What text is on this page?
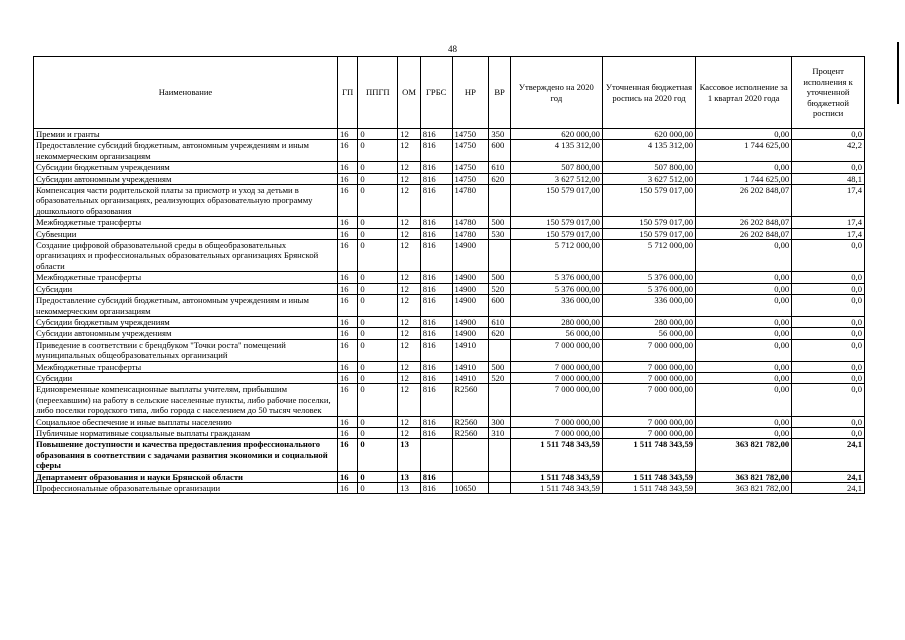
48
Наименование	ГП	ППГП	ОМ	ГРБС	НР	ВР	Утверждено на 2020 год	Уточненная бюджетная роспись на 2020 год	Кассовое исполнение за 1 квартал 2020 года	Процент исполнения к уточненной бюджетной росписи
Премии и гранты	16	0	12	816	14750	350	620 000,00	620 000,00	0,00	0,0
Предоставление субсидий бюджетным, автономным учреждениям и иным некоммерческим организациям	16	0	12	816	14750	600	4 135 312,00	4 135 312,00	1 744 625,00	42,2
Субсидии бюджетным учреждениям	16	0	12	816	14750	610	507 800,00	507 800,00	0,00	0,0
Субсидии автономным учреждениям	16	0	12	816	14750	620	3 627 512,00	3 627 512,00	1 744 625,00	48,1
Компенсация части родительской платы за присмотр и уход за детьми в образовательных организациях, реализующих образовательную программу дошкольного образования	16	0	12	816	14780		150 579 017,00	150 579 017,00	26 202 848,07	17,4
Межбюджетные трансферты	16	0	12	816	14780	500	150 579 017,00	150 579 017,00	26 202 848,07	17,4
Субвенции	16	0	12	816	14780	530	150 579 017,00	150 579 017,00	26 202 848,07	17,4
Создание цифровой образовательной среды в общеобразовательных организациях и профессиональных образовательных организациях Брянской области	16	0	12	816	14900		5 712 000,00	5 712 000,00	0,00	0,0
Межбюджетные трансферты	16	0	12	816	14900	500	5 376 000,00	5 376 000,00	0,00	0,0
Субсидии	16	0	12	816	14900	520	5 376 000,00	5 376 000,00	0,00	0,0
Предоставление субсидий бюджетным, автономным учреждениям и иным некоммерческим организациям	16	0	12	816	14900	600	336 000,00	336 000,00	0,00	0,0
Субсидии бюджетным учреждениям	16	0	12	816	14900	610	280 000,00	280 000,00	0,00	0,0
Субсидии автономным учреждениям	16	0	12	816	14900	620	56 000,00	56 000,00	0,00	0,0
Приведение в соответствии с брендбуком "Точки роста" помещений муниципальных общеобразовательных организаций	16	0	12	816	14910		7 000 000,00	7 000 000,00	0,00	0,0
Межбюджетные трансферты	16	0	12	816	14910	500	7 000 000,00	7 000 000,00	0,00	0,0
Субсидии	16	0	12	816	14910	520	7 000 000,00	7 000 000,00	0,00	0,0
Единовременные компенсационные выплаты учителям, прибывшим (переехавшим) на работу в сельские населенные пункты, либо рабочие поселки, либо поселки городского типа, либо города с населением до 50 тысяч человек	16	0	12	816	R2560		7 000 000,00	7 000 000,00	0,00	0,0
Социальное обеспечение и иные выплаты населению	16	0	12	816	R2560	300	7 000 000,00	7 000 000,00	0,00	0,0
Публичные нормативные социальные выплаты гражданам	16	0	12	816	R2560	310	7 000 000,00	7 000 000,00	0,00	0,0
Повышение доступности и качества предоставления профессионального образования в соответствии с задачами развития экономики и социальной сферы	16	0	13				1 511 748 343,59	1 511 748 343,59	363 821 782,00	24,1
Департамент образования и науки Брянской области	16	0	13	816			1 511 748 343,59	1 511 748 343,59	363 821 782,00	24,1
Профессиональные образовательные организации	16	0	13	816	10650		1 511 748 343,59	1 511 748 343,59	363 821 782,00	24,1
